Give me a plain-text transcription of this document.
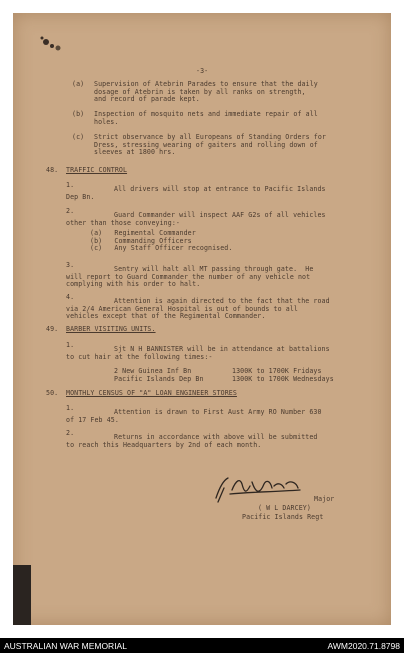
-3-
(a) Supervision of Atebrin Parades to ensure that the daily
dosage of Atebrin is taken by all ranks on strength,
and record of parade kept.
(b) Inspection of mosquito nets and immediate repair of all
holes.
(c) Strict observance by all Europeans of Standing Orders for
Dress, stressing wearing of gaiters and rolling down of
sleeves at 1800 hrs.
48. TRAFFIC CONTROL
1.	All drivers will stop at entrance to Pacific Islands
Dep Bn.
2.	Guard Commander will inspect AAF G2s of all vehicles
other than those conveying:-
(a)   Regimental Commander
(b)   Commanding Officers
(c)   Any Staff Officer recognised.
3.	Sentry will halt all MT passing through gate.  He
will report to Guard Commander the number of any vehicle not
complying with his order to halt.
4.	Attention is again directed to the fact that the road
via 2/4 American General Hospital is out of bounds to all
vehicles except that of the Regimental Commander.
49. BARBER VISITING UNITS.
1.	Sjt N H BANNISTER will be in attendance at battalions
to cut hair at the following times:-
2 New Guinea Inf Bn          1300K to 1700K Fridays
Pacific Islands Dep Bn       1300K to 1700K Wednesdays
50. MONTHLY CENSUS OF "A" LOAN ENGINEER STORES
1.	Attention is drawn to First Aust Army RO Number 630
of 17 Feb 45.
2.	Returns in accordance with above will be submitted
to reach this Headquarters by 2nd of each month.
Major
( W L DARCEY)
Pacific Islands Regt
AUSTRALIAN WAR MEMORIAL	AWM2020.71.8798
